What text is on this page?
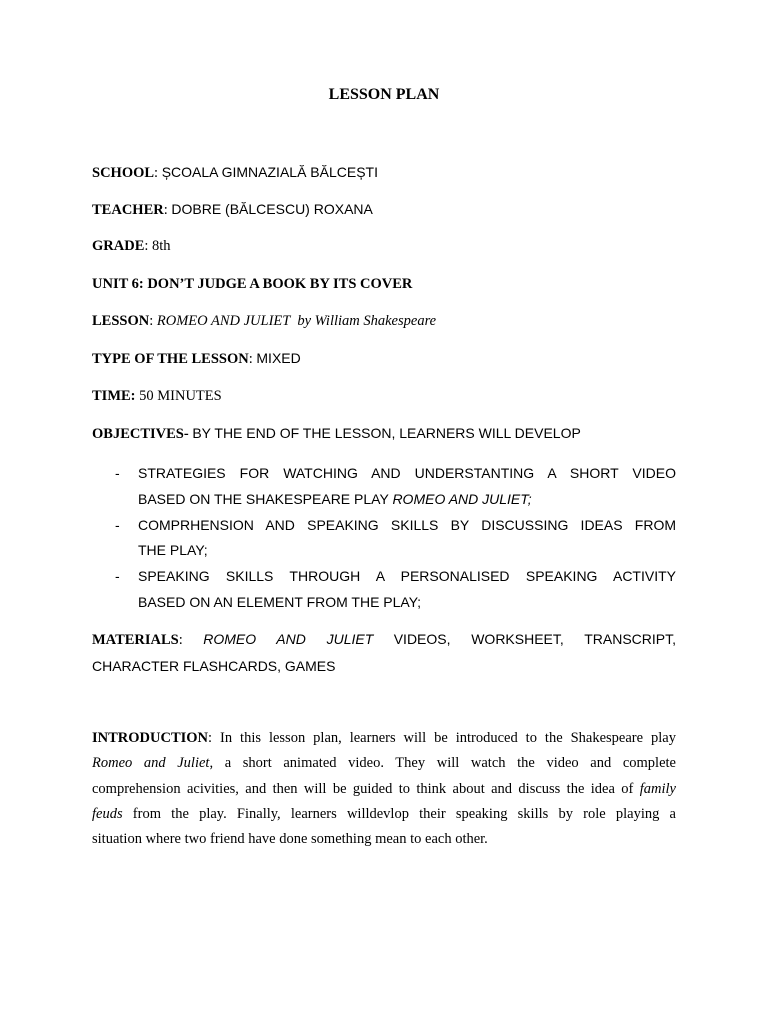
LESSON PLAN
SCHOOL: ȘCOALA GIMNAZIALĂ BĂLCEȘTI
TEACHER: DOBRE (BĂLCESCU) ROXANA
GRADE: 8th
UNIT 6: DON’T JUDGE A BOOK BY ITS COVER
LESSON: ROMEO AND JULIET  by William Shakespeare
TYPE OF THE LESSON: MIXED
TIME: 50 MINUTES
OBJECTIVES- BY THE END OF THE LESSON, LEARNERS WILL DEVELOP
- STRATEGIES FOR WATCHING AND UNDERSTANTING A SHORT VIDEO
BASED ON THE SHAKESPEARE PLAY ROMEO AND JULIET;
- COMPRHENSION AND SPEAKING SKILLS BY DISCUSSING IDEAS FROM
THE PLAY;
- SPEAKING SKILLS THROUGH A PERSONALISED SPEAKING ACTIVITY
BASED ON AN ELEMENT FROM THE PLAY;
MATERIALS: ROMEO AND JULIET VIDEOS, WORKSHEET, TRANSCRIPT,
CHARACTER FLASHCARDS, GAMES
INTRODUCTION: In this lesson plan, learners will be introduced to the Shakespeare play
Romeo and Juliet, a short animated video. They will watch the video and complete
comprehension acivities, and then will be guided to think about and discuss the idea of family
feuds from the play. Finally, learners willdevlop their speaking skills by role playing a
situation where two friend have done something mean to each other.
